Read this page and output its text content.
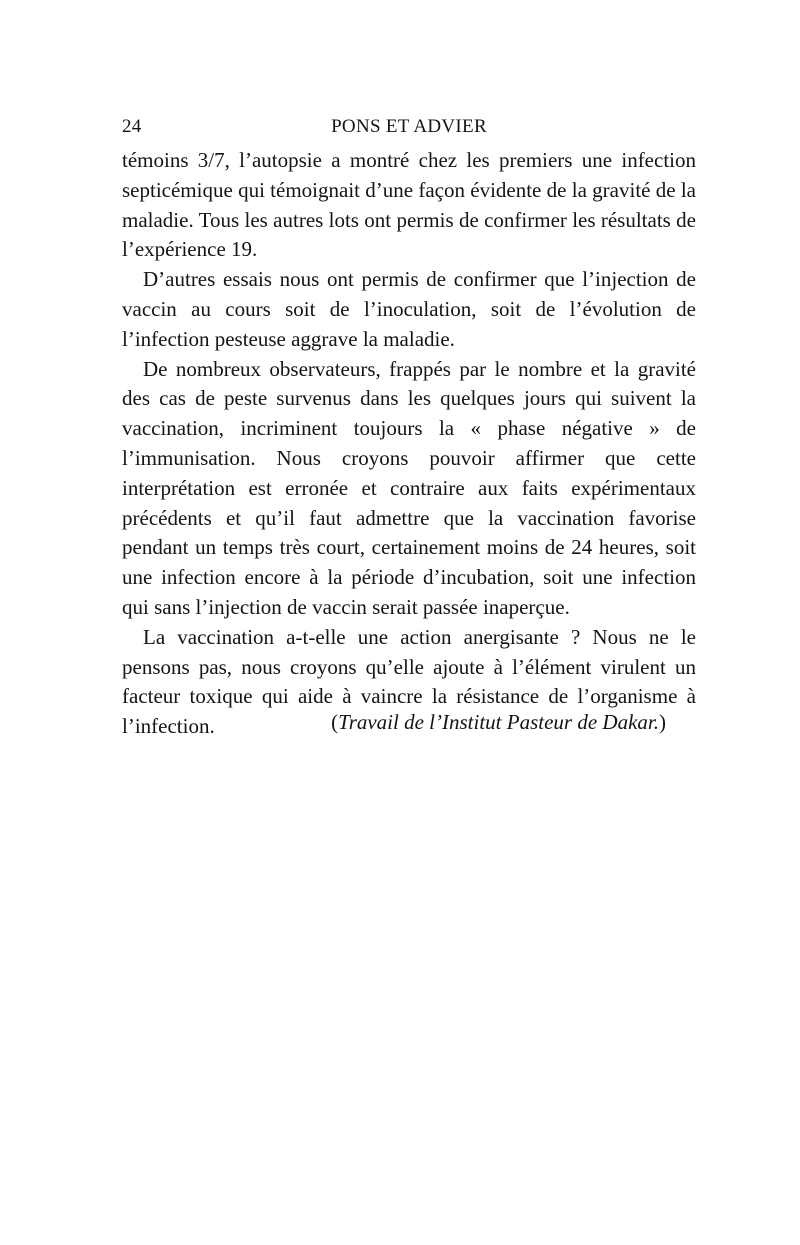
24	PONS ET ADVIER

témoins 3/7, l’autopsie a montré chez les premiers une infection septicémique qui témoignait d’une façon évidente de la gravité de la maladie. Tous les autres lots ont permis de confirmer les résultats de l’expérience 19.

D’autres essais nous ont permis de confirmer que l’injection de vaccin au cours soit de l’inoculation, soit de l’évolution de l’infection pesteuse aggrave la maladie.

De nombreux observateurs, frappés par le nombre et la gravité des cas de peste survenus dans les quelques jours qui suivent la vaccination, incriminent toujours la « phase négative » de l’immunisation. Nous croyons pouvoir affirmer que cette interprétation est erronée et contraire aux faits expérimentaux précédents et qu’il faut admettre que la vaccination favorise pendant un temps très court, certainement moins de 24 heures, soit une infection encore à la période d’incubation, soit une infection qui sans l’injection de vaccin serait passée inaperçue.

La vaccination a-t-elle une action anergisante ? Nous ne le pensons pas, nous croyons qu’elle ajoute à l’élément virulent un facteur toxique qui aide à vaincre la résistance de l’organisme à l’infection.	(Travail de l’Institut Pasteur de Dakar.)
